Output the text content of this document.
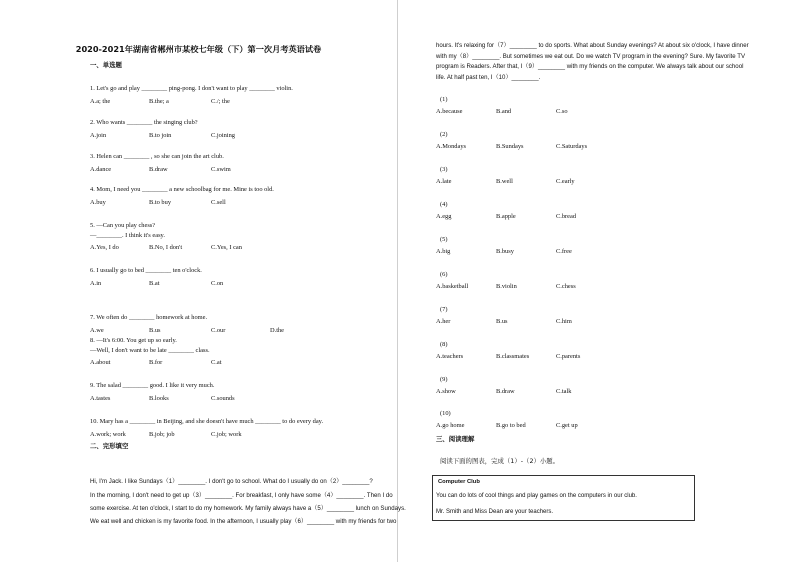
2020-2021年湖南省郴州市某校七年级（下）第一次月考英语试卷
一、单选题
1. Let's go and play ________ ping-pong. I don't want to play ________ violin.
A.a; the	B.the; a	C./; the
2. Who wants ________ the singing club?
A.join	B.to join	C.joining
3. Helen can ________ , so she can join the art club.
A.dance	B.draw	C.swim
4. Mom, I need you ________ a new schoolbag for me. Mine is too old.
A.buy	B.to buy	C.sell
5. —Can you play chess?
—________. I think it's easy.
A.Yes, I do	B.No, I don't	C.Yes, I can
6. I usually go to bed ________ ten o'clock.
A.in	B.at	C.on
7. We often do ________ homework at home.
A.we	B.us	C.our	D.the
8. —It's 6:00. You get up so early.
—Well, I don't want to be late ________ class.
A.about	B.for	C.at
9. The salad ________ good. I like it very much.
A.tastes	B.looks	C.sounds
10. Mary has a ________ in Beijing, and she doesn't have much ________ to do every day.
A.work; work	B.job; job	C.job; work
二、完形填空
Hi, I'm Jack. I like Sundays（1）________. I don't go to school. What do I usually do on（2）________?
In the morning, I don't need to get up（3）________. For breakfast, I only have some（4）________. Then I do
some exercise. At ten o'clock, I start to do my homework. My family always have a（5）________ lunch on Sundays.
We eat well and chicken is my favorite food. In the afternoon, I usually play（6）________ with my friends for two
hours. It's relaxing for（7）________ to do sports. What about Sunday evenings? At about six o'clock, I have dinner
with my（8）________. But sometimes we eat out. Do we watch TV program in the evening? Sure. My favorite TV
program is Readers. After that, I（9）________ with my friends on the computer. We always talk about our school
life. At half past ten, I（10）________.
(1)
A.because	B.and	C.so
(2)
A.Mondays	B.Sundays	C.Saturdays
(3)
A.late	B.well	C.early
(4)
A.egg	B.apple	C.bread
(5)
A.big	B.busy	C.free
(6)
A.basketball	B.violin	C.chess
(7)
A.her	B.us	C.him
(8)
A.teachers	B.classmates	C.parents
(9)
A.show	B.draw	C.talk
(10)
A.go home	B.go to bed	C.get up
三、阅读理解
阅读下面的图表，完成（1）-（2）小题。
Computer Club
You can do lots of cool things and play games on the computers in our club.
Mr. Smith and Miss Dean are your teachers.
